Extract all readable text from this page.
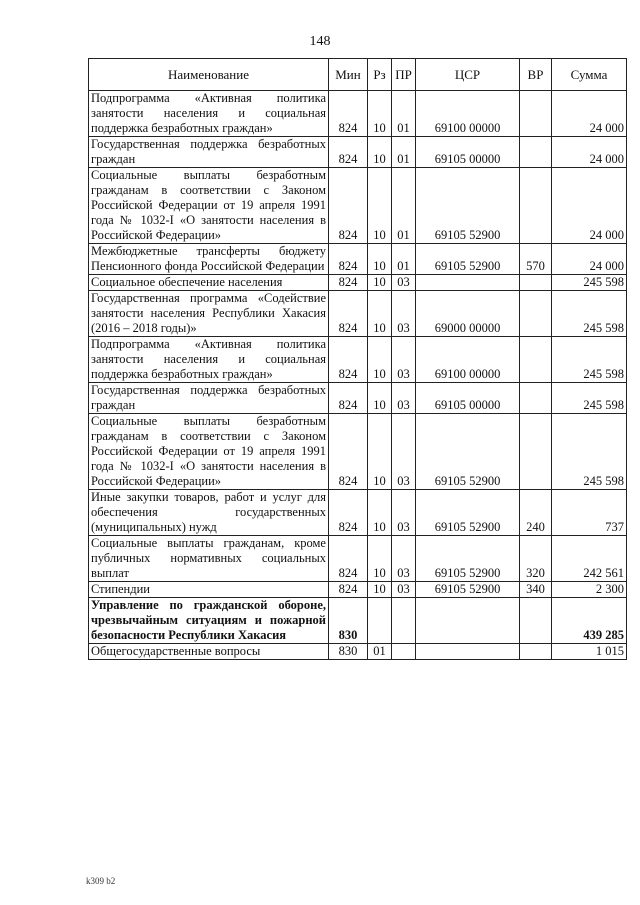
148
Наименование	Мин	Рз	ПР	ЦСР	ВР	Сумма
Подпрограмма «Активная политика занятости населения и социальная поддержка безработных граждан»	824	10	01	69100 00000		24 000
Государственная поддержка безработных граждан	824	10	01	69105 00000		24 000
Социальные выплаты безработным гражданам в соответствии с Законом Российской Федерации от 19 апреля 1991 года № 1032-I «О занятости населения в Российской Федерации»	824	10	01	69105 52900		24 000
Межбюджетные трансферты бюджету Пенсионного фонда Российской Федерации	824	10	01	69105 52900	570	24 000
Социальное обеспечение населения	824	10	03			245 598
Государственная программа «Содействие занятости населения Республики Хакасия (2016 – 2018 годы)»	824	10	03	69000 00000		245 598
Подпрограмма «Активная политика занятости населения и социальная поддержка безработных граждан»	824	10	03	69100 00000		245 598
Государственная поддержка безработных граждан	824	10	03	69105 00000		245 598
Социальные выплаты безработным гражданам в соответствии с Законом Российской Федерации от 19 апреля 1991 года № 1032-I «О занятости населения в Российской Федерации»	824	10	03	69105 52900		245 598
Иные закупки товаров, работ и услуг для обеспечения государственных (муниципальных) нужд	824	10	03	69105 52900	240	737
Социальные выплаты гражданам, кроме публичных нормативных социальных выплат	824	10	03	69105 52900	320	242 561
Стипендии	824	10	03	69105 52900	340	2 300
Управление по гражданской обороне, чрезвычайным ситуациям и пожарной безопасности Республики Хакасия	830					439 285
Общегосударственные вопросы	830	01				1 015
k309 b2
